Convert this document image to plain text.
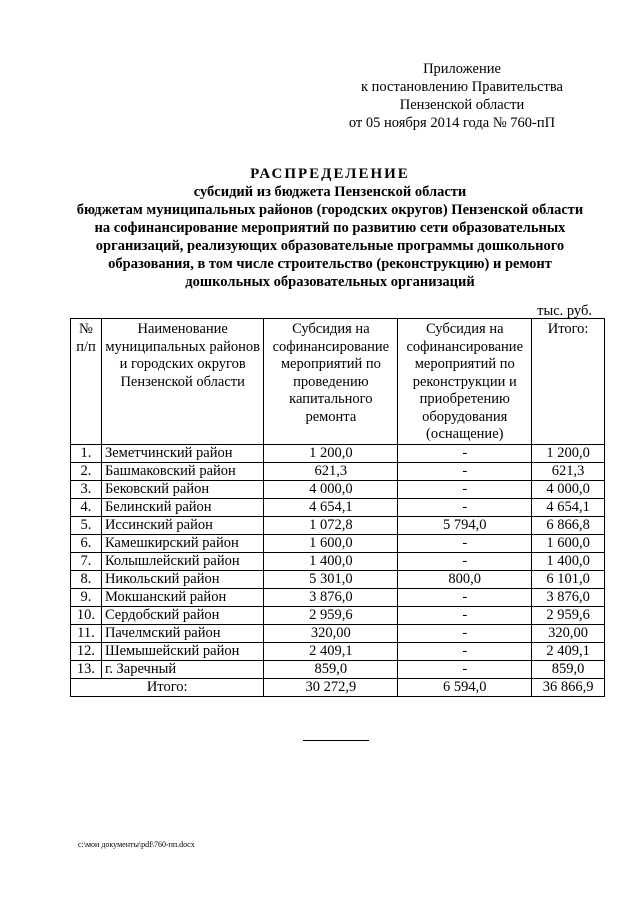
Приложение
к постановлению Правительства
Пензенской области
от 05 ноября 2014 года № 760-пП
РАСПРЕДЕЛЕНИЕ
субсидий из бюджета Пензенской области
бюджетам муниципальных районов (городских округов) Пензенской области
на софинансирование мероприятий по развитию сети образовательных
организаций, реализующих образовательные программы дошкольного
образования, в том числе строительство (реконструкцию) и ремонт
дошкольных образовательных организаций
тыс. руб.
№ п/п	Наименование муниципальных районов и городских округов Пензенской области	Субсидия на софинансирование мероприятий по проведению капитального ремонта	Субсидия на софинансирование мероприятий по реконструкции и приобретению оборудования (оснащение)	Итого:
1.	Земетчинский район	1 200,0	-	1 200,0
2.	Башмаковский район	621,3	-	621,3
3.	Бековский район	4 000,0	-	4 000,0
4.	Белинский район	4 654,1	-	4 654,1
5.	Иссинский район	1 072,8	5 794,0	6 866,8
6.	Камешкирский район	1 600,0	-	1 600,0
7.	Колышлейский район	1 400,0	-	1 400,0
8.	Никольский район	5 301,0	800,0	6 101,0
9.	Мокшанский район	3 876,0	-	3 876,0
10.	Сердобский район	2 959,6	-	2 959,6
11.	Пачелмский район	320,00	-	320,00
12.	Шемышейский район	2 409,1	-	2 409,1
13.	г. Заречный	859,0	-	859,0
Итого:		30 272,9	6 594,0	36 866,9
c:\мои документы\pdf\760-пп.docx
